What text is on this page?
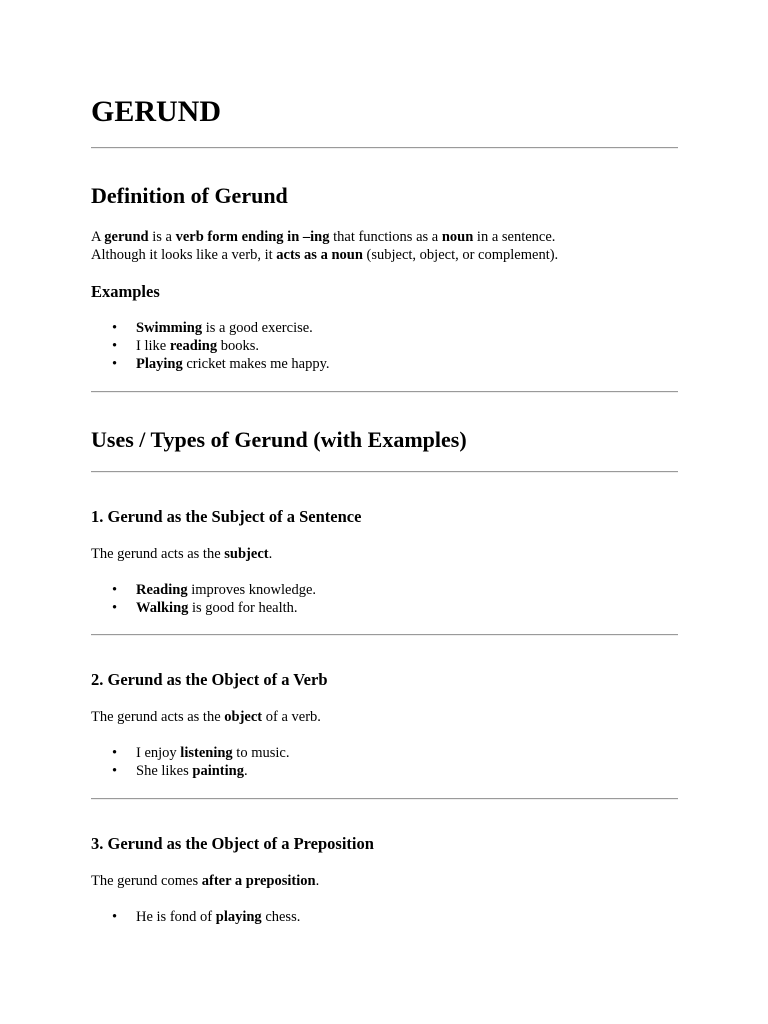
GERUND
Definition of Gerund

A gerund is a verb form ending in –ing that functions as a noun in a sentence.

Although it looks like a verb, it acts as a noun (subject, object, or complement).

Examples
• Swimming is a good exercise.
• I like reading books.
• Playing cricket makes me happy.
Uses / Types of Gerund (with Examples)
1. Gerund as the Subject of a Sentence

The gerund acts as the subject.

• Reading improves knowledge.
• Walking is good for health.
2. Gerund as the Object of a Verb

The gerund acts as the object of a verb.

• I enjoy listening to music.
• She likes painting.
3. Gerund as the Object of a Preposition

The gerund comes after a preposition.

• He is fond of playing chess.
